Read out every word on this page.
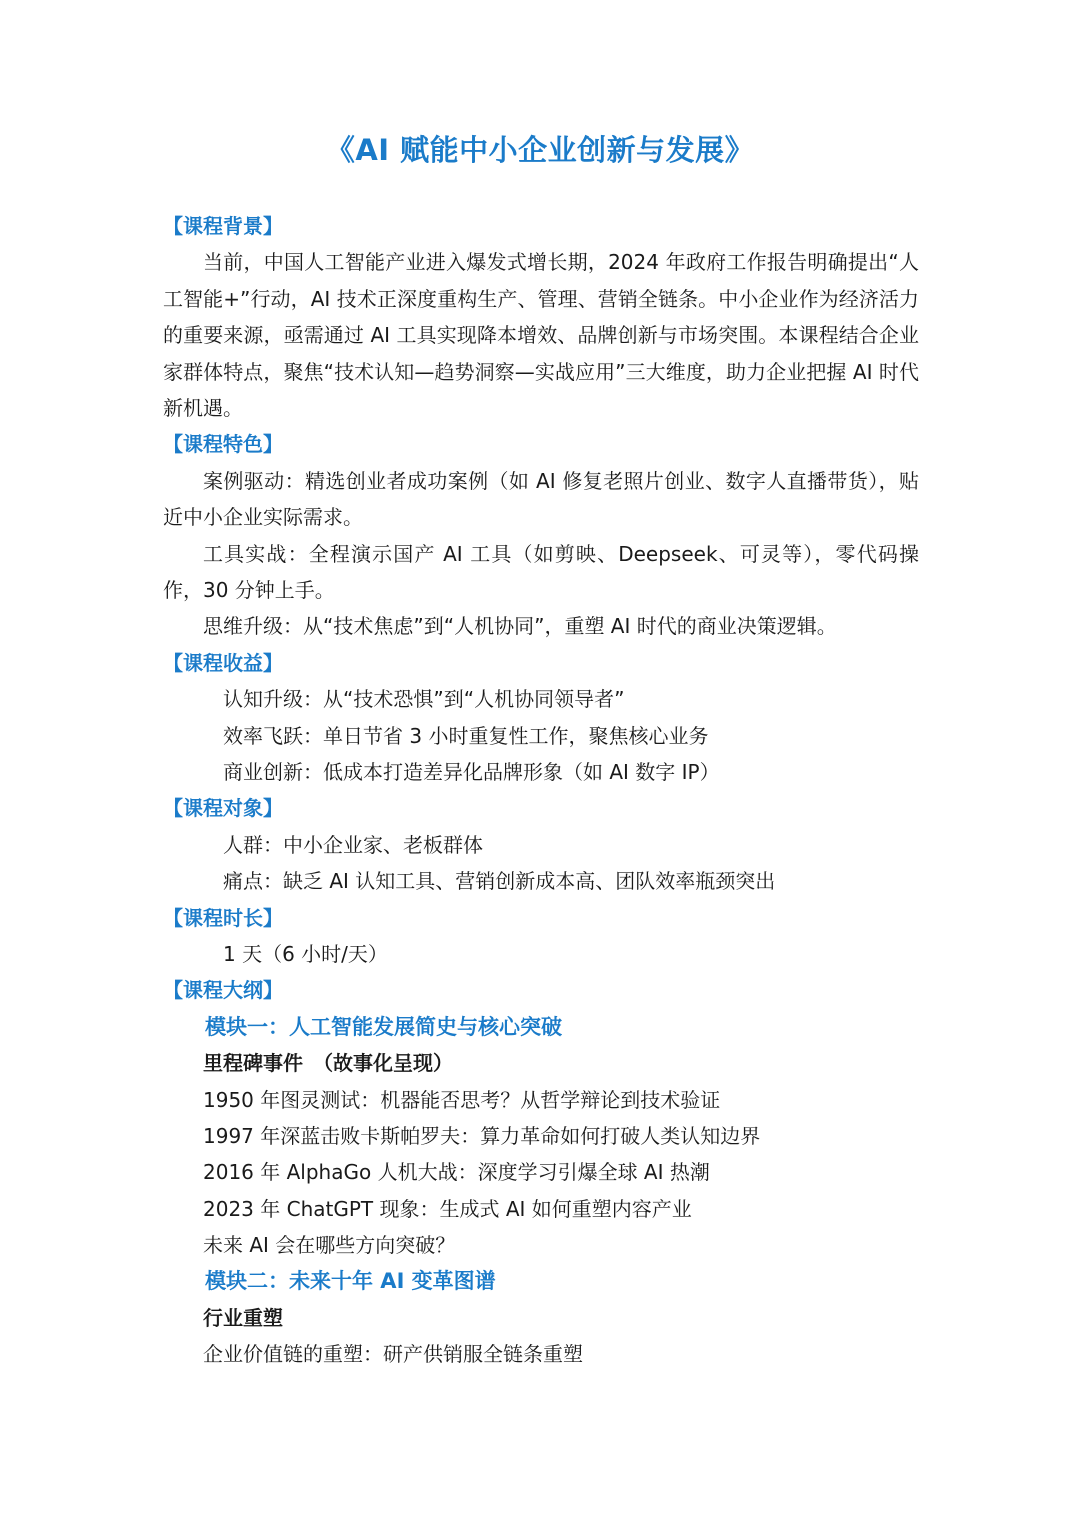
《AI 赋能中小企业创新与发展》
【课程背景】

当前，中国人工智能产业进入爆发式增长期，2024 年政府工作报告明确提出“人工智能+”行动，AI 技术正深度重构生产、管理、营销全链条。中小企业作为经济活力的重要来源，亟需通过 AI 工具实现降本增效、品牌创新与市场突围。本课程结合企业家群体特点，聚焦“技术认知—趋势洞察—实战应用”三大维度，助力企业把握 AI 时代新机遇。

【课程特色】

案例驱动：精选创业者成功案例（如 AI 修复老照片创业、数字人直播带货），贴近中小企业实际需求。

工具实战：全程演示国产 AI 工具（如剪映、Deepseek、可灵等），零代码操作，30 分钟上手。

思维升级：从“技术焦虑”到“人机协同”，重塑 AI 时代的商业决策逻辑。

【课程收益】
认知升级：从“技术恐惧”到“人机协同领导者”
效率飞跃：单日节省 3 小时重复性工作，聚焦核心业务
商业创新：低成本打造差异化品牌形象（如 AI 数字 IP）
【课程对象】
人群：中小企业家、老板群体
痛点：缺乏 AI 认知工具、营销创新成本高、团队效率瓶颈突出
【课程时长】
1 天（6 小时/天）
【课程大纲】
模块一：人工智能发展简史与核心突破
里程碑事件　（故事化呈现）
1950 年图灵测试：机器能否思考？从哲学辩论到技术验证
1997 年深蓝击败卡斯帕罗夫：算力革命如何打破人类认知边界
2016 年 AlphaGo 人机大战：深度学习引爆全球 AI 热潮
2023 年 ChatGPT 现象：生成式 AI 如何重塑内容产业
未来 AI 会在哪些方向突破？
模块二：未来十年 AI 变革图谱
行业重塑
企业价值链的重塑：研产供销服全链条重塑
